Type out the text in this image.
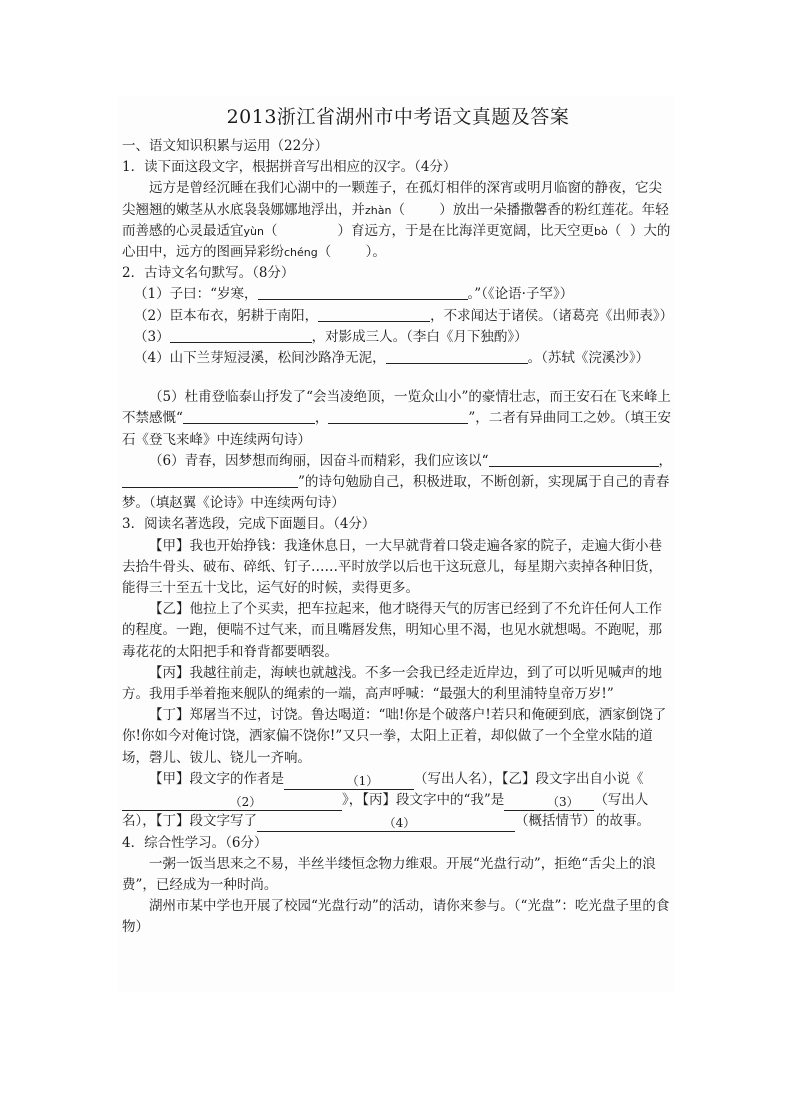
2013浙江省湖州市中考语文真题及答案

一、语文知识积累与运用（22分）

1．读下面这段文字，根据拼音写出相应的汉字。（4分）

远方是曾经沉睡在我们心湖中的一颗莲子，在孤灯相伴的深宵或明月临窗的静夜，它尖尖翘翘的嫩茎从水底袅袅娜娜地浮出，并zhàn（        ）放出一朵播撒馨香的粉红莲花。年轻而善感的心灵最适宜yùn（              ）育远方，于是在比海洋更宽阔，比天空更bò（  ）大的心田中，远方的图画异彩纷chéng（        ）。

2．古诗文名句默写。（8分）

（1）子曰：“岁寒，	。”（《论语·子罕》）

（2）臣本布衣，躬耕于南阳，	，不求闻达于诸侯。（诸葛亮《出师表》）

（3）	，对影成三人。（李白《月下独酌》）

（4）山下兰芽短浸溪，松间沙路净无泥，	。（苏轼《浣溪沙》）

（5）杜甫登临泰山抒发了“会当凌绝顶，一览众山小”的豪情壮志，而王安石在飞来峰上不禁感慨“	，	”，二者有异曲同工之妙。（填王安石《登飞来峰》中连续两句诗）

（6）青春，因梦想而绚丽，因奋斗而精彩，我们应该以“	，
”的诗句勉励自己，积极进取，不断创新，实现属于自己的青春梦。（填赵翼《论诗》中连续两句诗）

3．阅读名著选段，完成下面题目。（4分）

【甲】我也开始挣钱：我逢休息日，一大早就背着口袋走遍各家的院子，走遍大街小巷去拾牛骨头、破布、碎纸、钉子……平时放学以后也干这玩意儿，每星期六卖掉各种旧货，能得三十至五十戈比，运气好的时候，卖得更多。

【乙】他拉上了个买卖，把车拉起来，他才晓得天气的厉害已经到了不允许任何人工作的程度。一跑，便喘不过气来，而且嘴唇发焦，明知心里不渴，也见水就想喝。不跑呢，那毒花花的太阳把手和脊背都要晒裂。

【丙】我越往前走，海峡也就越浅。不多一会我已经走近岸边，到了可以听见喊声的地方。我用手举着拖来舰队的绳索的一端，高声呼喊：“最强大的利里浦特皇帝万岁!”

【丁】郑屠当不过，讨饶。鲁达喝道：“咄!你是个破落户!若只和俺硬到底，洒家倒饶了你!你如今对俺讨饶，洒家偏不饶你!”又只一拳，太阳上正着，却似做了一个全堂水陆的道场，磬儿、钹儿、铙儿一齐响。

【甲】段文字的作者是	（1）	（写出人名），【乙】段文字出自小说《（2）	》，【丙】段文字中的“我”是	（3） （写出人名），【丁】段文字写了	（4）	（概括情节）的故事。

4．综合性学习。（6分）

一粥一饭当思来之不易，半丝半缕恒念物力维艰。开展“光盘行动”，拒绝“舌尖上的浪费”，已经成为一种时尚。

湖州市某中学也开展了校园“光盘行动”的活动，请你来参与。（“光盘”：吃光盘子里的食物）
